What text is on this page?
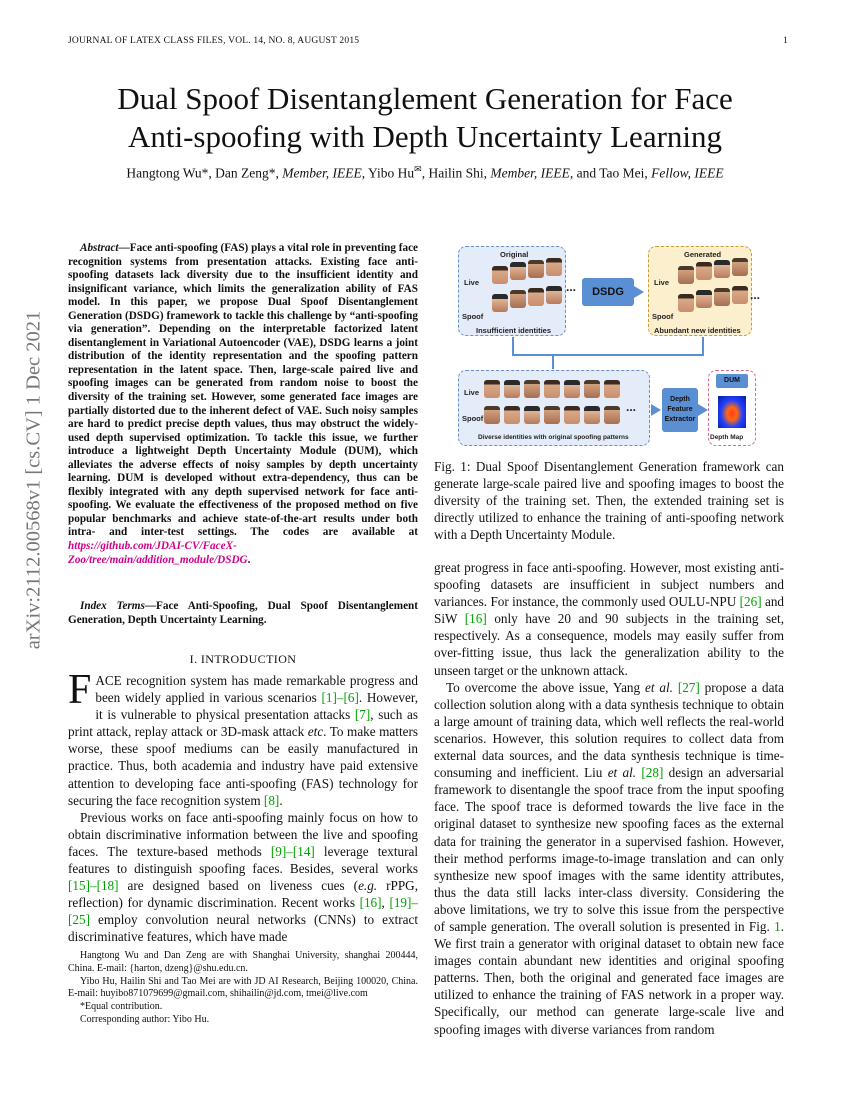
JOURNAL OF LATEX CLASS FILES, VOL. 14, NO. 8, AUGUST 2015	1
arXiv:2112.00568v1 [cs.CV] 1 Dec 2021
Dual Spoof Disentanglement Generation for Face
Anti-spoofing with Depth Uncertainty Learning
Hangtong Wu*, Dan Zeng*, Member, IEEE, Yibo Hu✉, Hailin Shi, Member, IEEE, and Tao Mei, Fellow, IEEE
Abstract—Face anti-spoofing (FAS) plays a vital role in preventing face recognition systems from presentation attacks. Existing face anti-spoofing datasets lack diversity due to the insufficient identity and insignificant variance, which limits the generalization ability of FAS model. In this paper, we propose Dual Spoof Disentanglement Generation (DSDG) framework to tackle this challenge by “anti-spoofing via generation”. Depending on the interpretable factorized latent disentanglement in Variational Autoencoder (VAE), DSDG learns a joint distribution of the identity representation and the spoofing pattern representation in the latent space. Then, large-scale paired live and spoofing images can be generated from random noise to boost the diversity of the training set. However, some generated face images are partially distorted due to the inherent defect of VAE. Such noisy samples are hard to predict precise depth values, thus may obstruct the widely-used depth supervised optimization. To tackle this issue, we further introduce a lightweight Depth Uncertainty Module (DUM), which alleviates the adverse effects of noisy samples by depth uncertainty learning. DUM is developed without extra-dependency, thus can be flexibly integrated with any depth supervised network for face anti-spoofing. We evaluate the effectiveness of the proposed method on five popular benchmarks and achieve state-of-the-art results under both intra- and inter-test settings. The codes are available at https://github.com/JDAI-CV/FaceX-Zoo/tree/main/addition_module/DSDG.
Index Terms—Face Anti-Spoofing, Dual Spoof Disentanglement Generation, Depth Uncertainty Learning.
I. INTRODUCTION

FACE recognition system has made remarkable progress and been widely applied in various scenarios [1]–[6]. However, it is vulnerable to physical presentation attacks [7], such as print attack, replay attack or 3D-mask attack etc. To make matters worse, these spoof mediums can be easily manufactured in practice. Thus, both academia and industry have paid extensive attention to developing face anti-spoofing (FAS) technology for securing the face recognition system [8].

Previous works on face anti-spoofing mainly focus on how to obtain discriminative information between the live and spoofing faces. The texture-based methods [9]–[14] leverage textural features to distinguish spoofing faces. Besides, several works [15]–[18] are designed based on liveness cues (e.g. rPPG, reflection) for dynamic discrimination. Recent works [16], [19]–[25] employ convolution neural networks (CNNs) to extract discriminative features, which have made

Hangtong Wu and Dan Zeng are with Shanghai University, shanghai 200444, China. E-mail: {harton, dzeng}@shu.edu.cn.

Yibo Hu, Hailin Shi and Tao Mei are with JD AI Research, Beijing 100020, China. E-mail: huyibo871079699@gmail.com, shihailin@jd.com, tmei@live.com

*Equal contribution.

Corresponding author: Yibo Hu.

Original
Live
Spoof
...
Insufficient identities
DSDG
Generated
Live
Spoof
...
Abundant new identities
Live
Spoof
...
Diverse identities with original spoofing patterns
Depth
Feature
Extractor
DUM
Depth Map
Fig. 1: Dual Spoof Disentanglement Generation framework can generate large-scale paired live and spoofing images to boost the diversity of the training set. Then, the extended training set is directly utilized to enhance the training of anti-spoofing network with a Depth Uncertainty Module.

great progress in face anti-spoofing. However, most existing anti-spoofing datasets are insufficient in subject numbers and variances. For instance, the commonly used OULU-NPU [26] and SiW [16] only have 20 and 90 subjects in the training set, respectively. As a consequence, models may easily suffer from over-fitting issue, thus lack the generalization ability to the unseen target or the unknown attack.

To overcome the above issue, Yang et al. [27] propose a data collection solution along with a data synthesis technique to obtain a large amount of training data, which well reflects the real-world scenarios. However, this solution requires to collect data from external data sources, and the data synthesis technique is time-consuming and inefficient. Liu et al. [28] design an adversarial framework to disentangle the spoof trace from the input spoofing face. The spoof trace is deformed towards the live face in the original dataset to synthesize new spoofing faces as the external data for training the generator in a supervised fashion. However, their method performs image-to-image translation and can only synthesize new spoof images with the same identity attributes, thus the data still lacks inter-class diversity. Considering the above limitations, we try to solve this issue from the perspective of sample generation. The overall solution is presented in Fig. 1. We first train a generator with original dataset to obtain new face images contain abundant new identities and original spoofing patterns. Then, both the original and generated face images are utilized to enhance the training of FAS network in a proper way. Specifically, our method can generate large-scale live and spoofing images with diverse variances from random
